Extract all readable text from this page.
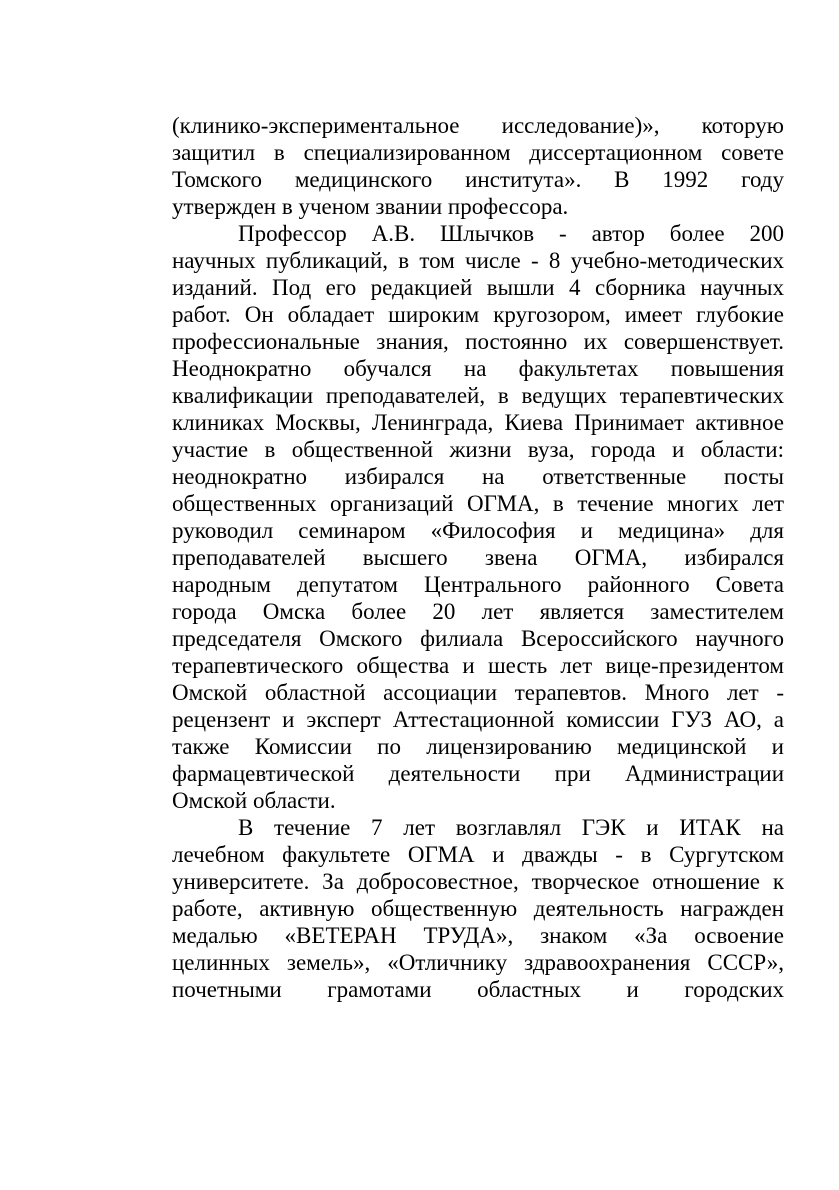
(клинико-экспериментальное исследование)», которую
защитил в специализированном диссертационном совете
Томского медицинского института». В 1992 году
утвержден в ученом звании профессора.
Профессор А.В. Шлычков - автор более 200
научных публикаций, в том числе - 8 учебно-методических
изданий. Под его редакцией вышли 4 сборника научных
работ. Он обладает широким кругозором, имеет глубокие
профессиональные знания, постоянно их совершенствует.
Неоднократно обучался на факультетах повышения
квалификации преподавателей, в ведущих терапевтических
клиниках Москвы, Ленинграда, Киева Принимает активное
участие в общественной жизни вуза, города и области:
неоднократно избирался на ответственные посты
общественных организаций ОГМА, в течение многих лет
руководил семинаром «Философия и медицина» для
преподавателей высшего звена ОГМА, избирался
народным депутатом Центрального районного Совета
города Омска более 20 лет является заместителем
председателя Омского филиала Всероссийского научного
терапевтического общества и шесть лет вице-президентом
Омской областной ассоциации терапевтов. Много лет -
рецензент и эксперт Аттестационной комиссии ГУЗ АО, а
также Комиссии по лицензированию медицинской и
фармацевтической деятельности при Администрации
Омской области.
В течение 7 лет возглавлял ГЭК и ИТАК на
лечебном факультете ОГМА и дважды - в Сургутском
университете. За добросовестное, творческое отношение к
работе, активную общественную деятельность награжден
медалью «ВЕТЕРАН ТРУДА», знаком «За освоение
целинных земель», «Отличнику здравоохранения СССР»,
почетными грамотами областных и городских
